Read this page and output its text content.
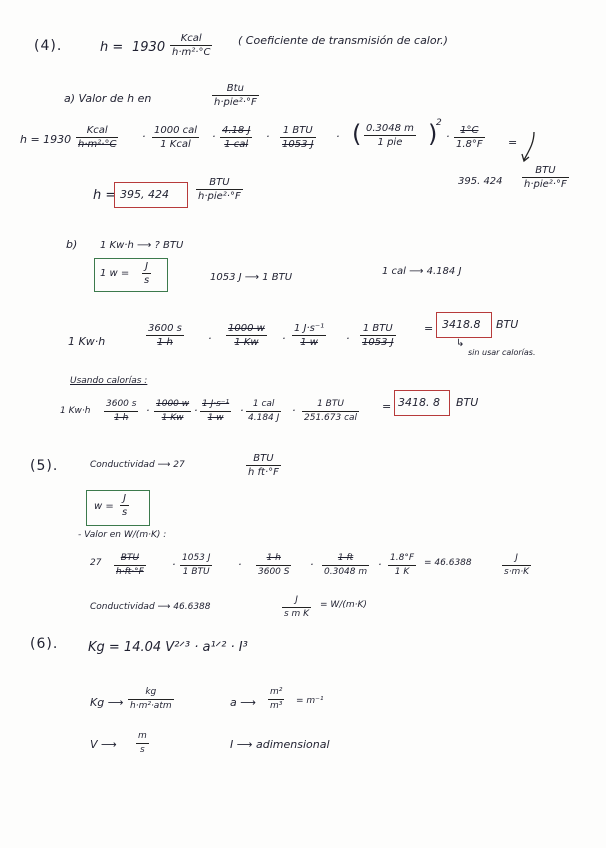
(4).	h = 1930
Kcal
h·m²·°C
( Coeficiente de transmisión de calor.)
a) Valor de h en
Btu
h·pie²·°F
h = 1930
Kcal
h·m²·°C
· 1000 cal
1 Kcal
· 4.18 J
1 cal
· 1 BTU
1053 J
· ( 0.3048 m
1 pie )
2
· 1°C
1.8°F =
h = 395, 424
BTU
h·pie²·°F
395. 424
BTU
h·pie²·°F
b) 1 Kw·h ⟶ ? BTU
1 w =
J
s	1053 J ⟶ 1 BTU
1 cal ⟶ 4.184 J
1 Kw·h
3600 s
1 h	·
1000 w
1 Kw ·
1 J·s⁻¹
1 w	·
1 BTU
1053 J
= 3418.8 BTU
↳
sin usar calorías.
Usando calorías :
1 Kw·h
3600 s
1 h
· 1000 w
1 Kw
· 1 J·s⁻¹
1 w
· 1 cal
4.184 J
· 1 BTU
251.673 cal
= 3418. 8 BTU
(5).	Conductividad ⟶ 27
BTU
h ft·°F
w =
J
s
- Valor en W/(m·K) :
27 BTU
h·ft·°F
· 1053 J
1 BTU
·	1 h
3600 S
·	1 ft
0.3048 m
· 1.8°F
1 K
= 46.6388	J
s·m·K
Conductividad ⟶ 46.6388
J
s m K
= W/(m·K)
(6). Kg = 14.04 V²ᐟ³ · a¹ᐟ² · I³
Kg ⟶
kg
h·m²·atm	a ⟶
m²
m³ = m⁻¹
V ⟶
m
s	I ⟶ adimensional
